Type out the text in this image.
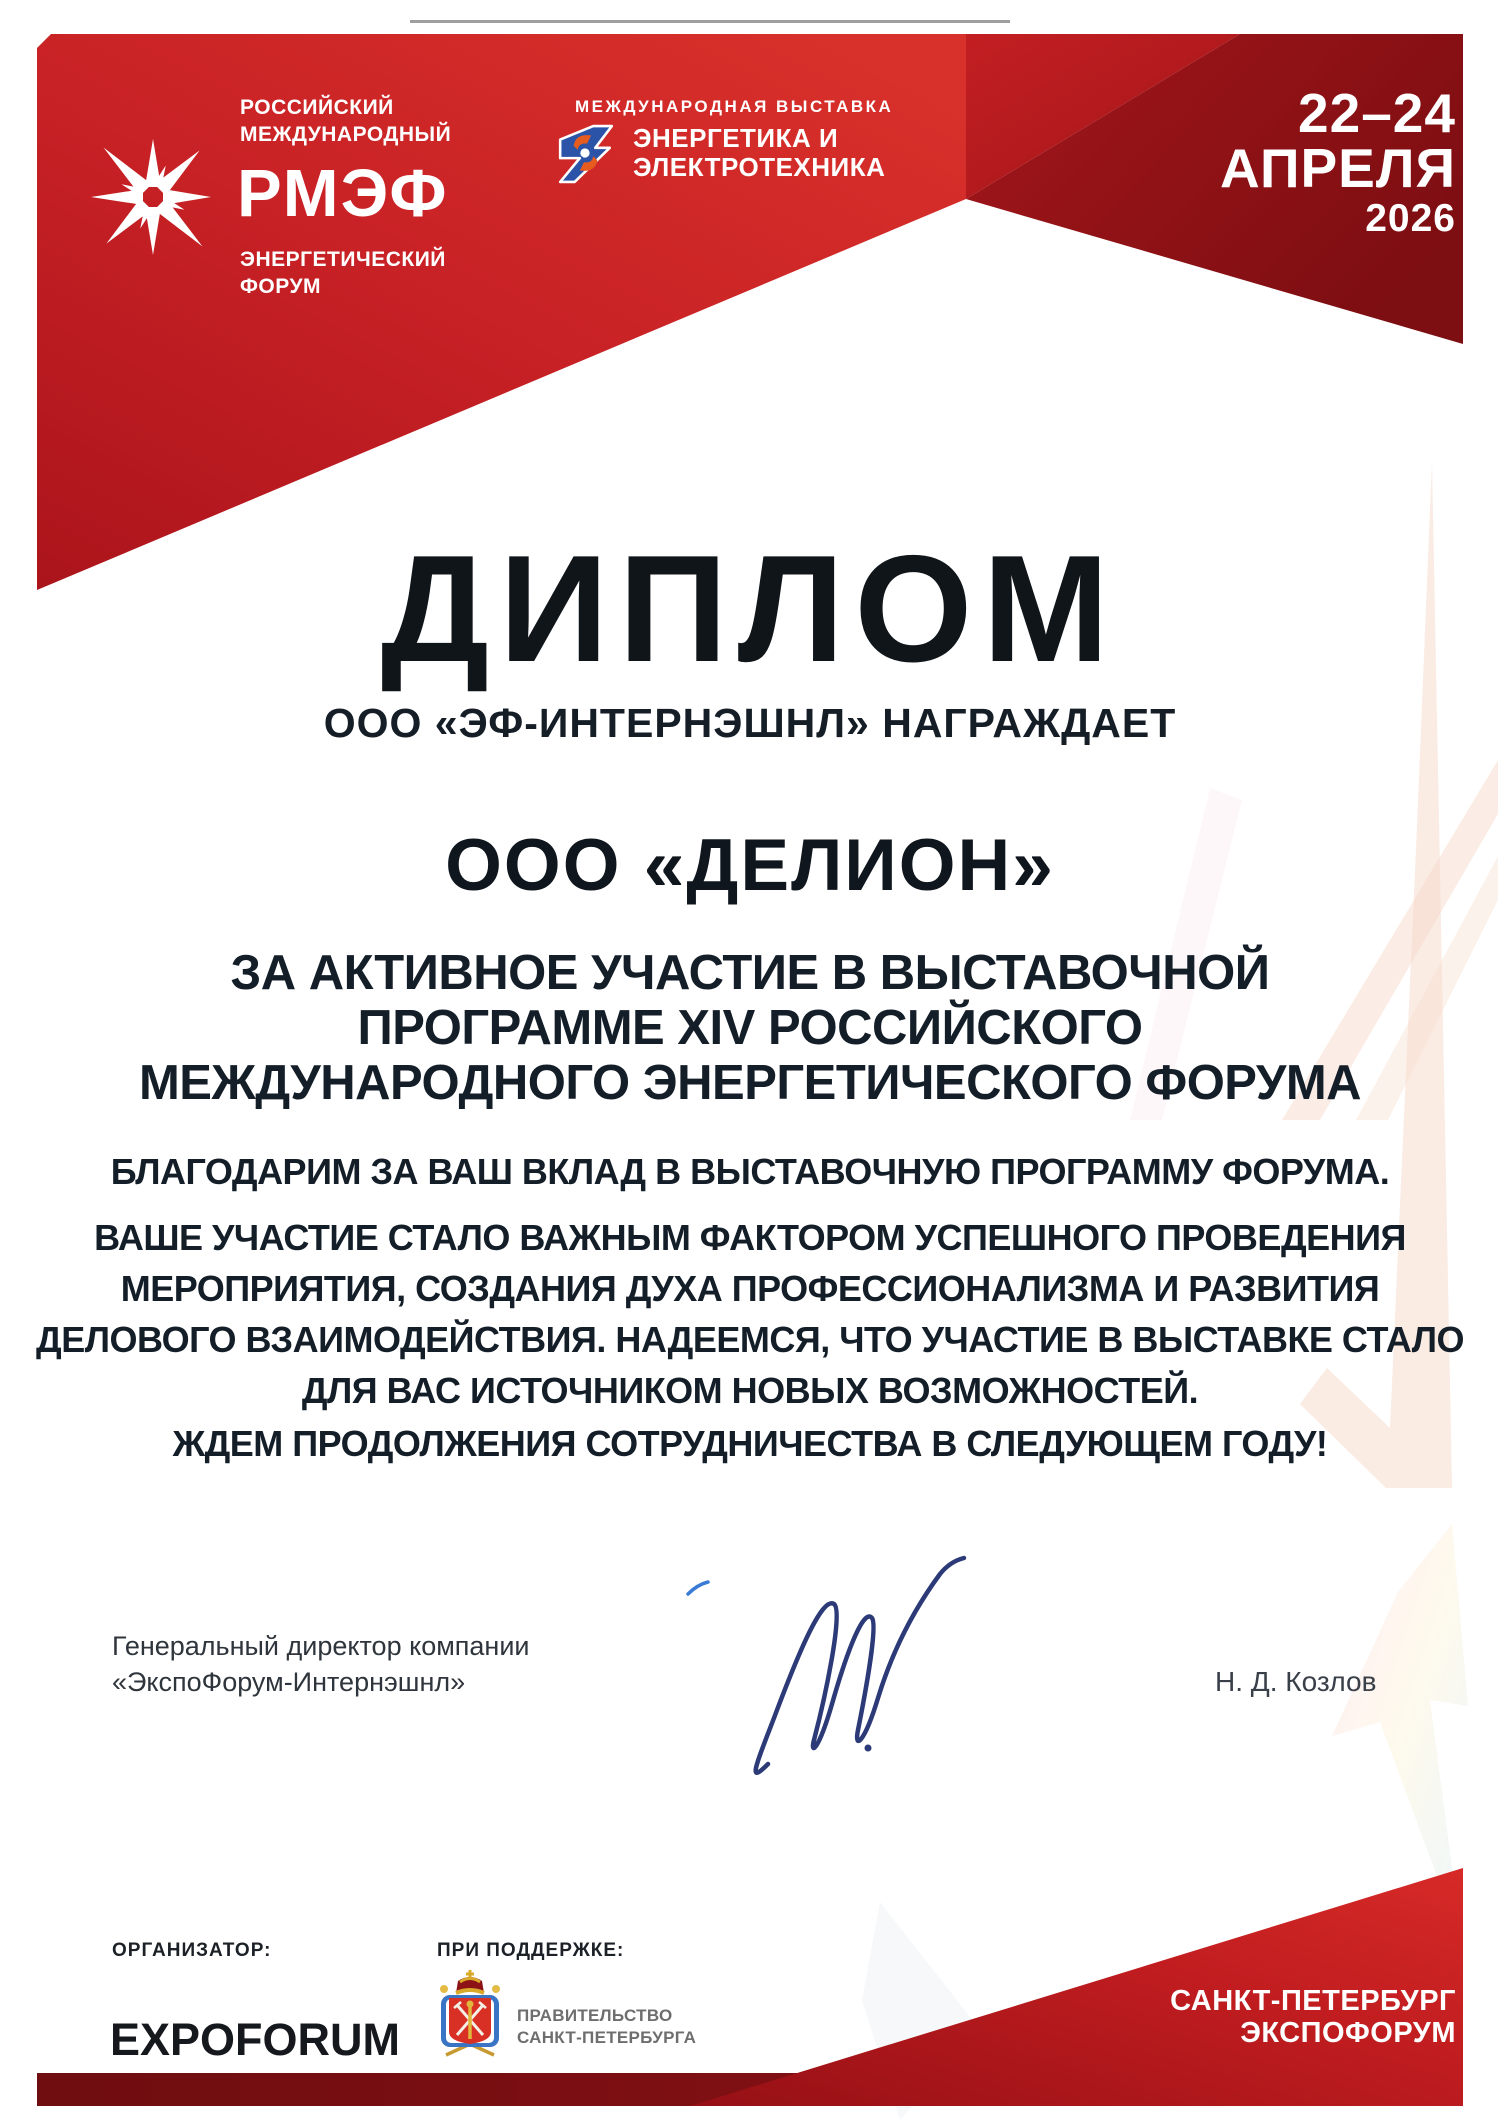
РОССИЙСКИЙ
МЕЖДУНАРОДНЫЙ
РМЭФ
ЭНЕРГЕТИЧЕСКИЙ
ФОРУМ
МЕЖДУНАРОДНАЯ ВЫСТАВКА
ЭНЕРГЕТИКА И
ЭЛЕКТРОТЕХНИКА
22–24
АПРЕЛЯ
2026
ДИПЛОМ
ООО «ЭФ-ИНТЕРНЭШНЛ» НАГРАЖДАЕТ
ООО «ДЕЛИОН»
ЗА АКТИВНОЕ УЧАСТИЕ В ВЫСТАВОЧНОЙ
ПРОГРАММЕ XIV РОССИЙСКОГО
МЕЖДУНАРОДНОГО ЭНЕРГЕТИЧЕСКОГО ФОРУМА
БЛАГОДАРИМ ЗА ВАШ ВКЛАД В ВЫСТАВОЧНУЮ ПРОГРАММУ ФОРУМА.
ВАШЕ УЧАСТИЕ СТАЛО ВАЖНЫМ ФАКТОРОМ УСПЕШНОГО ПРОВЕДЕНИЯ
МЕРОПРИЯТИЯ, СОЗДАНИЯ ДУХА ПРОФЕССИОНАЛИЗМА И РАЗВИТИЯ
ДЕЛОВОГО ВЗАИМОДЕЙСТВИЯ. НАДЕЕМСЯ, ЧТО УЧАСТИЕ В ВЫСТАВКЕ СТАЛО
ДЛЯ ВАС ИСТОЧНИКОМ НОВЫХ ВОЗМОЖНОСТЕЙ.
ЖДЕМ ПРОДОЛЖЕНИЯ СОТРУДНИЧЕСТВА В СЛЕДУЮЩЕМ ГОДУ!
Генеральный директор компании
«ЭкспоФорум-Интернэшнл»	Н. Д. Козлов
ОРГАНИЗАТОР:
EXPOFORUM
ПРИ ПОДДЕРЖКЕ:
ПРАВИТЕЛЬСТВО
САНКТ-ПЕТЕРБУРГА
САНКТ-ПЕТЕРБУРГ
ЭКСПОФОРУМ
